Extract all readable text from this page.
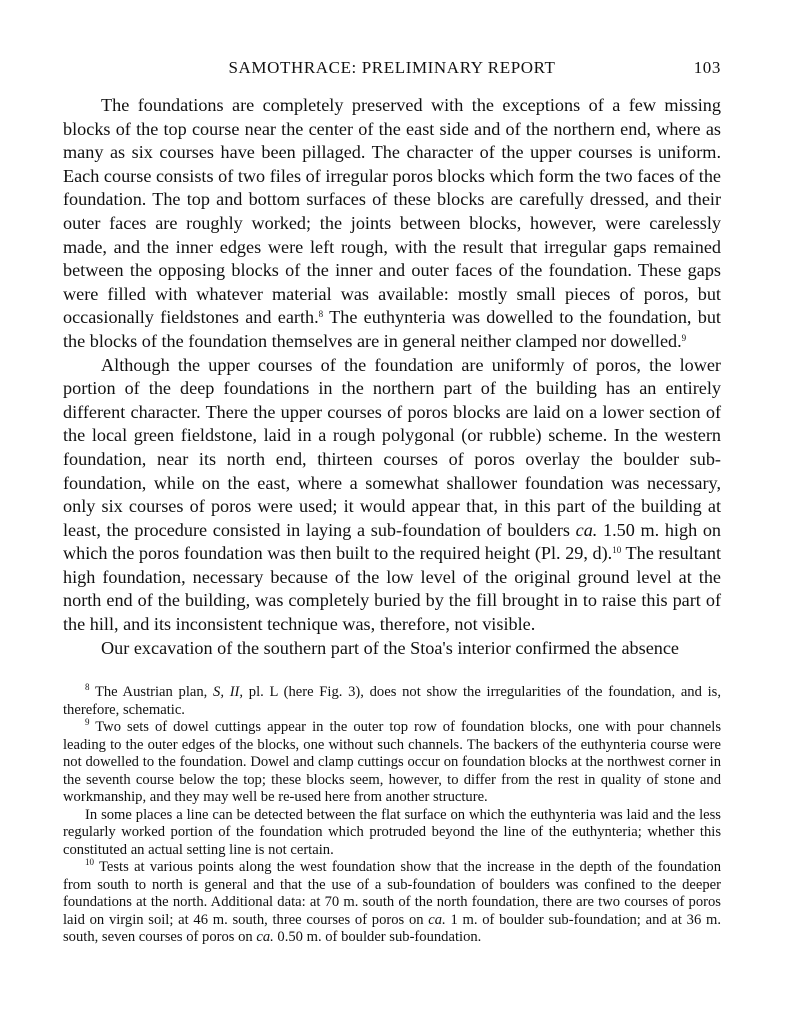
SAMOTHRACE: PRELIMINARY REPORT	103

The foundations are completely preserved with the exceptions of a few missing blocks of the top course near the center of the east side and of the northern end, where as many as six courses have been pillaged. The character of the upper courses is uniform. Each course consists of two files of irregular poros blocks which form the two faces of the foundation. The top and bottom surfaces of these blocks are carefully dressed, and their outer faces are roughly worked; the joints between blocks, however, were carelessly made, and the inner edges were left rough, with the result that irregular gaps remained between the opposing blocks of the inner and outer faces of the foundation. These gaps were filled with whatever material was available: mostly small pieces of poros, but occasionally fieldstones and earth.$^8$ The euthynteria was dowelled to the foundation, but the blocks of the foundation themselves are in general neither clamped nor dowelled.$^9$

Although the upper courses of the foundation are uniformly of poros, the lower portion of the deep foundations in the northern part of the building has an entirely different character. There the upper courses of poros blocks are laid on a lower section of the local green fieldstone, laid in a rough polygonal (or rubble) scheme. In the western foundation, near its north end, thirteen courses of poros overlay the boulder sub-foundation, while on the east, where a somewhat shallower foundation was necessary, only six courses of poros were used; it would appear that, in this part of the building at least, the procedure consisted in laying a sub-foundation of boulders ca. 1.50 m. high on which the poros foundation was then built to the required height (Pl. 29, d).$^{10}$ The resultant high foundation, necessary because of the low level of the original ground level at the north end of the building, was completely buried by the fill brought in to raise this part of the hill, and its inconsistent technique was, therefore, not visible.

Our excavation of the southern part of the Stoa's interior confirmed the absence

$^8$ The Austrian plan, S, II, pl. L (here Fig. 3), does not show the irregularities of the foundation, and is, therefore, schematic.

$^9$ Two sets of dowel cuttings appear in the outer top row of foundation blocks, one with pour channels leading to the outer edges of the blocks, one without such channels. The backers of the euthynteria course were not dowelled to the foundation. Dowel and clamp cuttings occur on foundation blocks at the northwest corner in the seventh course below the top; these blocks seem, however, to differ from the rest in quality of stone and workmanship, and they may well be re-used here from another structure.

In some places a line can be detected between the flat surface on which the euthynteria was laid and the less regularly worked portion of the foundation which protruded beyond the line of the euthynteria; whether this constituted an actual setting line is not certain.

$^{10}$ Tests at various points along the west foundation show that the increase in the depth of the foundation from south to north is general and that the use of a sub-foundation of boulders was confined to the deeper foundations at the north. Additional data: at 70 m. south of the north foundation, there are two courses of poros laid on virgin soil; at 46 m. south, three courses of poros on ca. 1 m. of boulder sub-foundation; and at 36 m. south, seven courses of poros on ca. 0.50 m. of boulder sub-foundation.
